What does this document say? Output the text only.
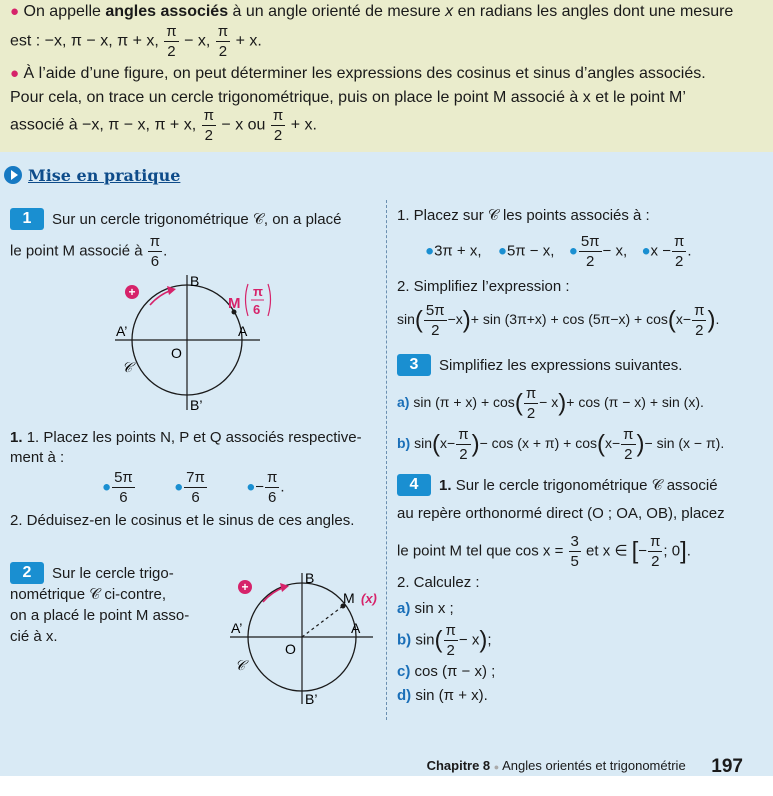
● On appelle angles associés à un angle orienté de mesure x en radians les angles dont une mesure
est : −x, π − x, π + x, $\frac{\pi}{2} - x$, $\frac{\pi}{2} + x$.
● À l’aide d’une figure, on peut déterminer les expressions des cosinus et sinus d’angles associés.
Pour cela, on trace un cercle trigonométrique, puis on place le point M associé à x et le point M’
associé à −x, π − x, π + x, $\frac{\pi}{2} - x$ ou $\frac{\pi}{2} + x$.
Mise en pratique
1 Sur un cercle trigonométrique 𝒞, on a placé
le point M associé à $\frac{\pi}{6}$ .
+
B
B’
A
A’
O
𝒞
M
π
6
1. 1. Placez les points N, P et Q associés respective-
ment à :
● $\frac{5\pi}{6}$	● $\frac{7\pi}{6}$	●− $\frac{\pi}{6}$ .
2. Déduisez-en le cosinus et le sinus de ces angles.
2 Sur le cercle trigo-
nométrique 𝒞 ci-contre,
on a placé le point M asso-
cié à x.
+
B
B’
A
A’
O
𝒞
M (x)
1. Placez sur 𝒞 les points associés à :
●3π + x, ●5π − x, ● $\frac{5\pi}{2} - x$, ●x − $\frac{\pi}{2}$ .
2. Simplifiez l’expression :
$\sin( \frac{5\pi}{2} -x)+ \sin (3\pi+x) + \cos (5\pi-x) + \cos(x- \frac{\pi}{2}$ ).
3 Simplifiez les expressions suivantes.
a) $\sin (\pi + x) + \cos( \frac{\pi}{2} - x)+ \cos (\pi - x) + \sin (x)$.
b) $\sin(x- \frac{\pi}{2}$ )− $\cos (x + \pi) + \cos(x- \frac{\pi}{2}$ )− sin (x − π).
4 1. Sur le cercle trigonométrique 𝒞 associé
au repère orthonormé direct (O ; OA, OB), placez
le point M tel que $\cos x = \frac{3}{5}$ et x ∈ [− $\frac{\pi}{2}$ ; 0].
2. Calculez :
a) sin x ;
b) $\sin( \frac{\pi}{2} - x)$;
c) cos (π − x) ;
d) sin (π + x).
Chapitre 8 ● Angles orientés et trigonométrie 197
